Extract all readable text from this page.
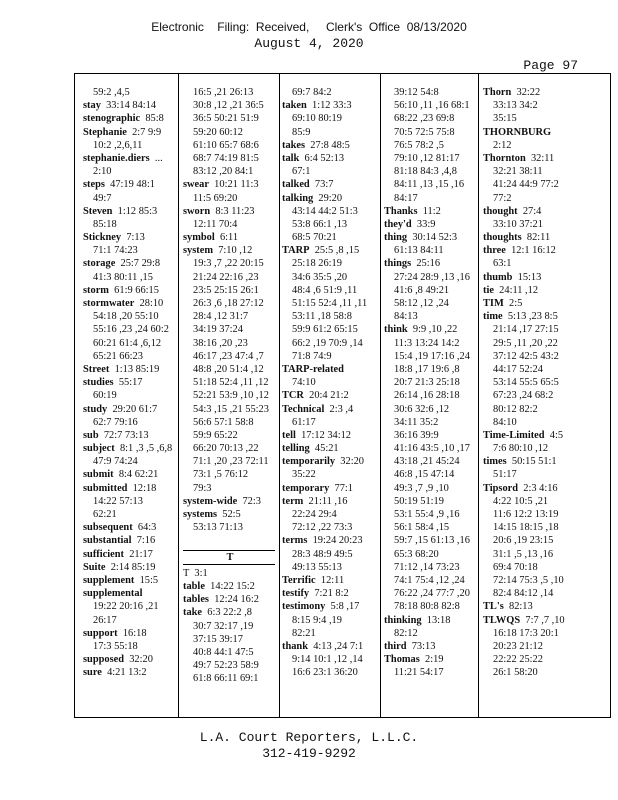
Electronic    Filing:  Received,     Clerk's  Office  08/13/2020
August 4, 2020
Page 97
59:2 ,4,5
stay 33:14 84:14
stenographic 85:8
Stephanie 2:7 9:9
10:2 ,2,6,11
stephanie.diers ...
2:10
steps 47:19 48:1
49:7
Steven 1:12 85:3
85:18
Stickney 7:13
71:1 74:23
storage 25:7 29:8
41:3 80:11 ,15
storm 61:9 66:15
stormwater 28:10
54:18 ,20 55:10
55:16 ,23 ,24 60:2
60:21 61:4 ,6,12
65:21 66:23
Street 1:13 85:19
studies 55:17
60:19
study 29:20 61:7
62:7 79:16
sub 72:7 73:13
subject 8:1 ,3 ,5 ,6,8
47:9 74:24
submit 8:4 62:21
submitted 12:18
14:22 57:13
62:21
subsequent 64:3
substantial 7:16
sufficient 21:17
Suite 2:14 85:19
supplement 15:5
supplemental
19:22 20:16 ,21
26:17
support 16:18
17:3 55:18
supposed 32:20
sure 4:21 13:2
16:5 ,21 26:13
30:8 ,12 ,21 36:5
36:5 50:21 51:9
59:20 60:12
61:10 65:7 68:6
68:7 74:19 81:5
83:12 ,20 84:1
swear 10:21 11:3
11:5 69:20
sworn 8:3 11:23
12:11 70:4
symbol 6:11
system 7:10 ,12
19:3 ,7 ,22 20:15
21:24 22:16 ,23
23:5 25:15 26:1
26:3 ,6 ,18 27:12
28:4 ,12 31:7
34:19 37:24
38:16 ,20 ,23
46:17 ,23 47:4 ,7
48:8 ,20 51:4 ,12
51:18 52:4 ,11 ,12
52:21 53:9 ,10 ,12
54:3 ,15 ,21 55:23
56:6 57:1 58:8
59:9 65:22
66:20 70:13 ,22
71:1 ,20 ,23 72:11
73:1 ,5 76:12
79:3
system-wide 72:3
systems 52:5
53:13 71:13
T
T 3:1
table 14:22 15:2
tables 12:24 16:2
take 6:3 22:2 ,8
30:7 32:17 ,19
37:15 39:17
40:8 44:1 47:5
49:7 52:23 58:9
61:8 66:11 69:1
69:7 84:2
taken 1:12 33:3
69:10 80:19
85:9
takes 27:8 48:5
talk 6:4 52:13
67:1
talked 73:7
talking 29:20
43:14 44:2 51:3
53:8 66:1 ,13
68:5 70:21
TARP 25:5 ,8 ,15
25:18 26:19
34:6 35:5 ,20
48:4 ,6 51:9 ,11
51:15 52:4 ,11 ,11
53:11 ,18 58:8
59:9 61:2 65:15
66:2 ,19 70:9 ,14
71:8 74:9
TARP-related
74:10
TCR 20:4 21:2
Technical 2:3 ,4
61:17
tell 17:12 34:12
telling 45:21
temporarily 32:20
35:22
temporary 77:1
term 21:11 ,16
22:24 29:4
72:12 ,22 73:3
terms 19:24 20:23
28:3 48:9 49:5
49:13 55:13
Terrific 12:11
testify 7:21 8:2
testimony 5:8 ,17
8:15 9:4 ,19
82:21
thank 4:13 ,24 7:1
9:14 10:1 ,12 ,14
16:6 23:1 36:20
39:12 54:8
56:10 ,11 ,16 68:1
68:22 ,23 69:8
70:5 72:5 75:8
76:5 78:2 ,5
79:10 ,12 81:17
81:18 84:3 ,4,8
84:11 ,13 ,15 ,16
84:17
Thanks 11:2
they'd 33:9
thing 30:14 52:3
61:13 84:11
things 25:16
27:24 28:9 ,13 ,16
41:6 ,8 49:21
58:12 ,12 ,24
84:13
think 9:9 ,10 ,22
11:3 13:24 14:2
15:4 ,19 17:16 ,24
18:8 ,17 19:6 ,8
20:7 21:3 25:18
26:14 ,16 28:18
30:6 32:6 ,12
34:11 35:2
36:16 39:9
41:16 43:5 ,10 ,17
43:18 ,21 45:24
46:8 ,15 47:14
49:3 ,7 ,9 ,10
50:19 51:19
53:1 55:4 ,9 ,16
56:1 58:4 ,15
59:7 ,15 61:13 ,16
65:3 68:20
71:12 ,14 73:23
74:1 75:4 ,12 ,24
76:22 ,24 77:7 ,20
78:18 80:8 82:8
thinking 13:18
82:12
third 73:13
Thomas 2:19
11:21 54:17
Thorn 32:22
33:13 34:2
35:15
THORNBURG
2:12
Thornton 32:11
32:21 38:11
41:24 44:9 77:2
77:2
thought 27:4
33:10 37:21
thoughts 82:11
three 12:1 16:12
63:1
thumb 15:13
tie 24:11 ,12
TIM 2:5
time 5:13 ,23 8:5
21:14 ,17 27:15
29:5 ,11 ,20 ,22
37:12 42:5 43:2
44:17 52:24
53:14 55:5 65:5
67:23 ,24 68:2
80:12 82:2
84:10
Time-Limited 4:5
7:6 80:10 ,12
times 50:15 51:1
51:17
Tipsord 2:3 4:16
4:22 10:5 ,21
11:6 12:2 13:19
14:15 18:15 ,18
20:6 ,19 23:15
31:1 ,5 ,13 ,16
69:4 70:18
72:14 75:3 ,5 ,10
82:4 84:12 ,14
TL's 82:13
TLWQS 7:7 ,7 ,10
16:18 17:3 20:1
20:23 21:12
22:22 25:22
26:1 58:20
L.A. Court Reporters, L.L.C.
312-419-9292
